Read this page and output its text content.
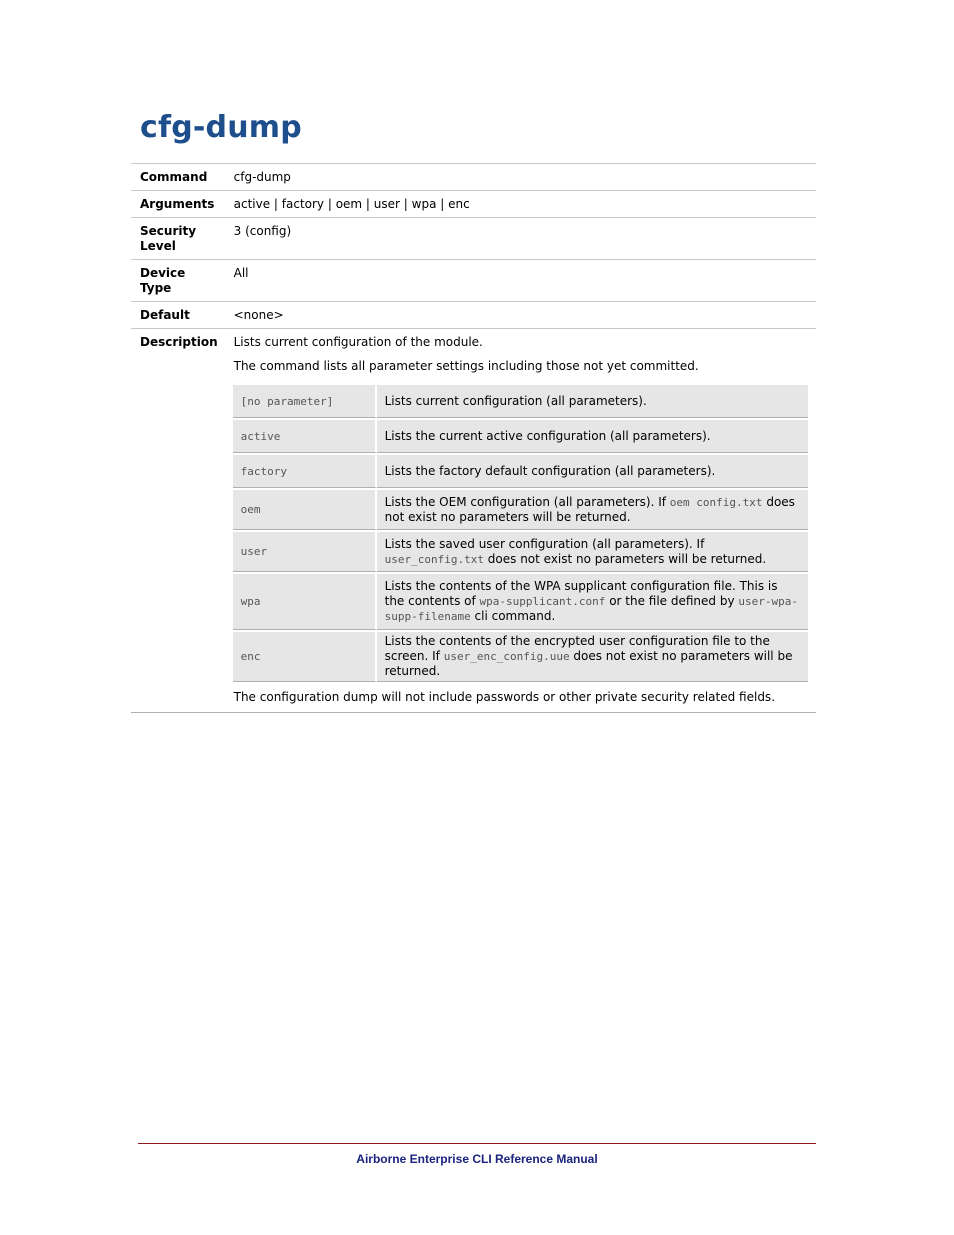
cfg-dump
Command	cfg-dump
Arguments	active | factory | oem | user | wpa | enc
Security
Level	3 (config)
Device Type	All
Default	<none>
Description	Lists current configuration of the module.

The command lists all parameter settings including those not yet committed.

[no parameter]	Lists current configuration (all parameters).
active	Lists the current active configuration (all parameters).
factory	Lists the factory default configuration (all parameters).
oem	Lists the OEM configuration (all parameters). If oem config.txt does not exist no parameters will be returned.
user	Lists the saved user configuration (all parameters). If user_config.txt does not exist no parameters will be returned.
wpa	Lists the contents of the WPA supplicant configuration file. This is the contents of wpa-supplicant.conf or the file defined by user-wpa-supp-filename cli command.
enc	Lists the contents of the encrypted user configuration file to the screen. If user_enc_config.uue does not exist no parameters will be returned.

The configuration dump will not include passwords or other private security related fields.

Airborne Enterprise CLI Reference Manual
